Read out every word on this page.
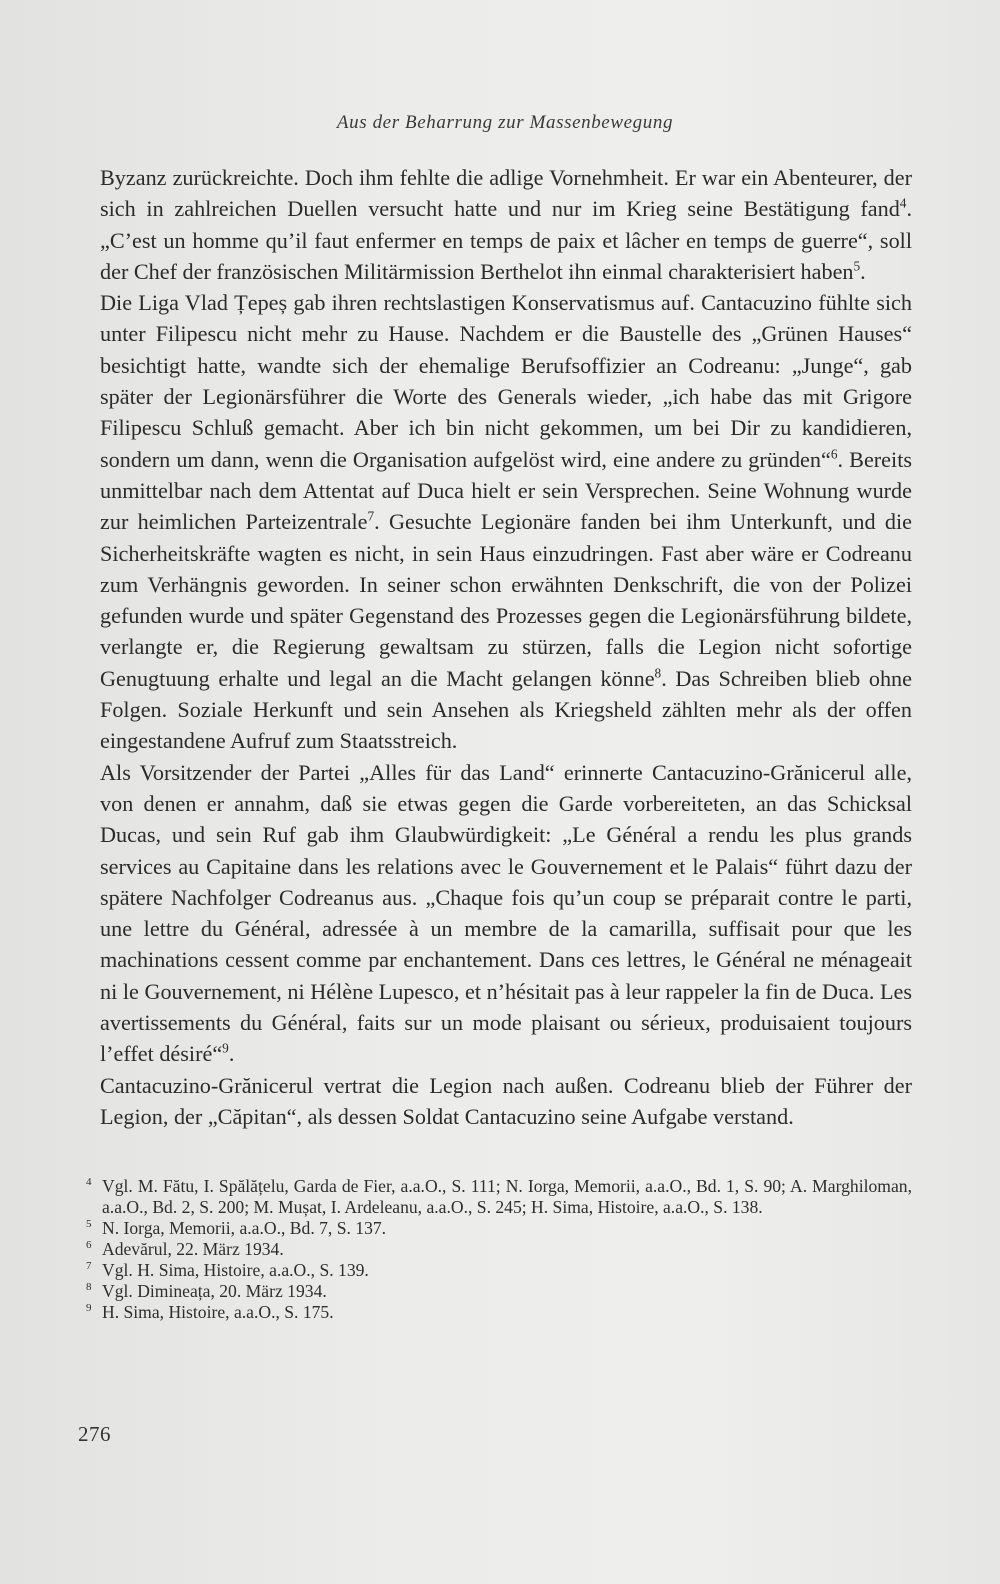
Aus der Beharrung zur Massenbewegung

Byzanz zurückreichte. Doch ihm fehlte die adlige Vornehmheit. Er war ein Abenteurer, der sich in zahlreichen Duellen versucht hatte und nur im Krieg seine Bestätigung fand$^4$. „C’est un homme qu’il faut enfermer en temps de paix et lâcher en temps de guerre“, soll der Chef der französischen Militärmission Berthelot ihn einmal charakterisiert haben$^5$.

Die Liga Vlad Țepeș gab ihren rechtslastigen Konservatismus auf. Cantacuzino fühlte sich unter Filipescu nicht mehr zu Hause. Nachdem er die Baustelle des „Grünen Hauses“ besichtigt hatte, wandte sich der ehemalige Berufsoffizier an Codreanu: „Junge“, gab später der Legionärsführer die Worte des Generals wieder, „ich habe das mit Grigore Filipescu Schluß gemacht. Aber ich bin nicht gekommen, um bei Dir zu kandidieren, sondern um dann, wenn die Organisation aufgelöst wird, eine andere zu gründen“$^6$. Bereits unmittelbar nach dem Attentat auf Duca hielt er sein Versprechen. Seine Wohnung wurde zur heimlichen Parteizentrale$^7$. Gesuchte Legionäre fanden bei ihm Unterkunft, und die Sicherheitskräfte wagten es nicht, in sein Haus einzudringen. Fast aber wäre er Codreanu zum Verhängnis geworden. In seiner schon erwähnten Denkschrift, die von der Polizei gefunden wurde und später Gegenstand des Prozesses gegen die Legionärsführung bildete, verlangte er, die Regierung gewaltsam zu stürzen, falls die Legion nicht sofortige Genugtuung erhalte und legal an die Macht gelangen könne$^8$. Das Schreiben blieb ohne Folgen. Soziale Herkunft und sein Ansehen als Kriegsheld zählten mehr als der offen eingestandene Aufruf zum Staatsstreich.

Als Vorsitzender der Partei „Alles für das Land“ erinnerte Cantacuzino-Grănicerul alle, von denen er annahm, daß sie etwas gegen die Garde vorbereiteten, an das Schicksal Ducas, und sein Ruf gab ihm Glaubwürdigkeit: „Le Général a rendu les plus grands services au Capitaine dans les relations avec le Gouvernement et le Palais“ führt dazu der spätere Nachfolger Codreanus aus. „Chaque fois qu’un coup se préparait contre le parti, une lettre du Général, adressée à un membre de la camarilla, suffisait pour que les machinations cessent comme par enchantement. Dans ces lettres, le Général ne ménageait ni le Gouvernement, ni Hélène Lupesco, et n’hésitait pas à leur rappeler la fin de Duca. Les avertissements du Général, faits sur un mode plaisant ou sérieux, produisaient toujours l’effet désiré“$^9$.

Cantacuzino-Grănicerul vertrat die Legion nach außen. Codreanu blieb der Führer der Legion, der „Căpitan“, als dessen Soldat Cantacuzino seine Aufgabe verstand.

4 Vgl. M. Fătu, I. Spălățelu, Garda de Fier, a.a.O., S. 111; N. Iorga, Memorii, a.a.O., Bd. 1, S. 90; A. Marghiloman, a.a.O., Bd. 2, S. 200; M. Mușat, I. Ardeleanu, a.a.O., S. 245; H. Sima, Histoire, a.a.O., S. 138.

5 N. Iorga, Memorii, a.a.O., Bd. 7, S. 137.

6 Adevărul, 22. März 1934.

7 Vgl. H. Sima, Histoire, a.a.O., S. 139.

8 Vgl. Dimineața, 20. März 1934.

9 H. Sima, Histoire, a.a.O., S. 175.

276
